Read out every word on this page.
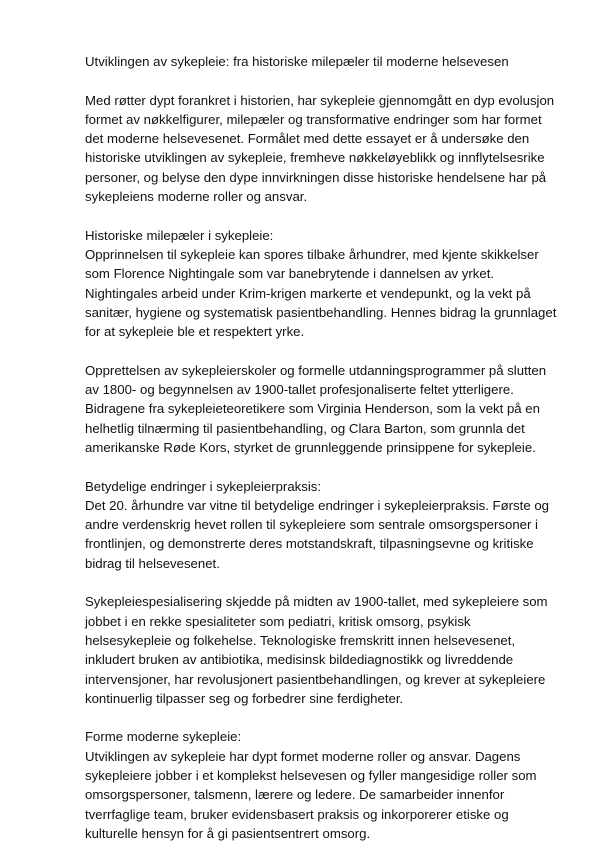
Utviklingen av sykepleie: fra historiske milepæler til moderne helsevesen

Med røtter dypt forankret i historien, har sykepleie gjennomgått en dyp evolusjon formet av nøkkelfigurer, milepæler og transformative endringer som har formet det moderne helsevesenet. Formålet med dette essayet er å undersøke den historiske utviklingen av sykepleie, fremheve nøkkeløyeblikk og innflytelsesrike personer, og belyse den dype innvirkningen disse historiske hendelsene har på sykepleiens moderne roller og ansvar.

Historiske milepæler i sykepleie:

Opprinnelsen til sykepleie kan spores tilbake århundrer, med kjente skikkelser som Florence Nightingale som var banebrytende i dannelsen av yrket. Nightingales arbeid under Krim-krigen markerte et vendepunkt, og la vekt på sanitær, hygiene og systematisk pasientbehandling. Hennes bidrag la grunnlaget for at sykepleie ble et respektert yrke.

Opprettelsen av sykepleierskoler og formelle utdanningsprogrammer på slutten av 1800- og begynnelsen av 1900-tallet profesjonaliserte feltet ytterligere. Bidragene fra sykepleieteoretikere som Virginia Henderson, som la vekt på en helhetlig tilnærming til pasientbehandling, og Clara Barton, som grunnla det amerikanske Røde Kors, styrket de grunnleggende prinsippene for sykepleie.

Betydelige endringer i sykepleierpraksis:

Det 20. århundre var vitne til betydelige endringer i sykepleierpraksis. Første og andre verdenskrig hevet rollen til sykepleiere som sentrale omsorgspersoner i frontlinjen, og demonstrerte deres motstandskraft, tilpasningsevne og kritiske bidrag til helsevesenet.

Sykepleiespesialisering skjedde på midten av 1900-tallet, med sykepleiere som jobbet i en rekke spesialiteter som pediatri, kritisk omsorg, psykisk helsesykepleie og folkehelse. Teknologiske fremskritt innen helsevesenet, inkludert bruken av antibiotika, medisinsk bildediagnostikk og livreddende intervensjoner, har revolusjonert pasientbehandlingen, og krever at sykepleiere kontinuerlig tilpasser seg og forbedrer sine ferdigheter.

Forme moderne sykepleie:

Utviklingen av sykepleie har dypt formet moderne roller og ansvar. Dagens sykepleiere jobber i et komplekst helsevesen og fyller mangesidige roller som omsorgspersoner, talsmenn, lærere og ledere. De samarbeider innenfor tverrfaglige team, bruker evidensbasert praksis og inkorporerer etiske og kulturelle hensyn for å gi pasientsentrert omsorg.
